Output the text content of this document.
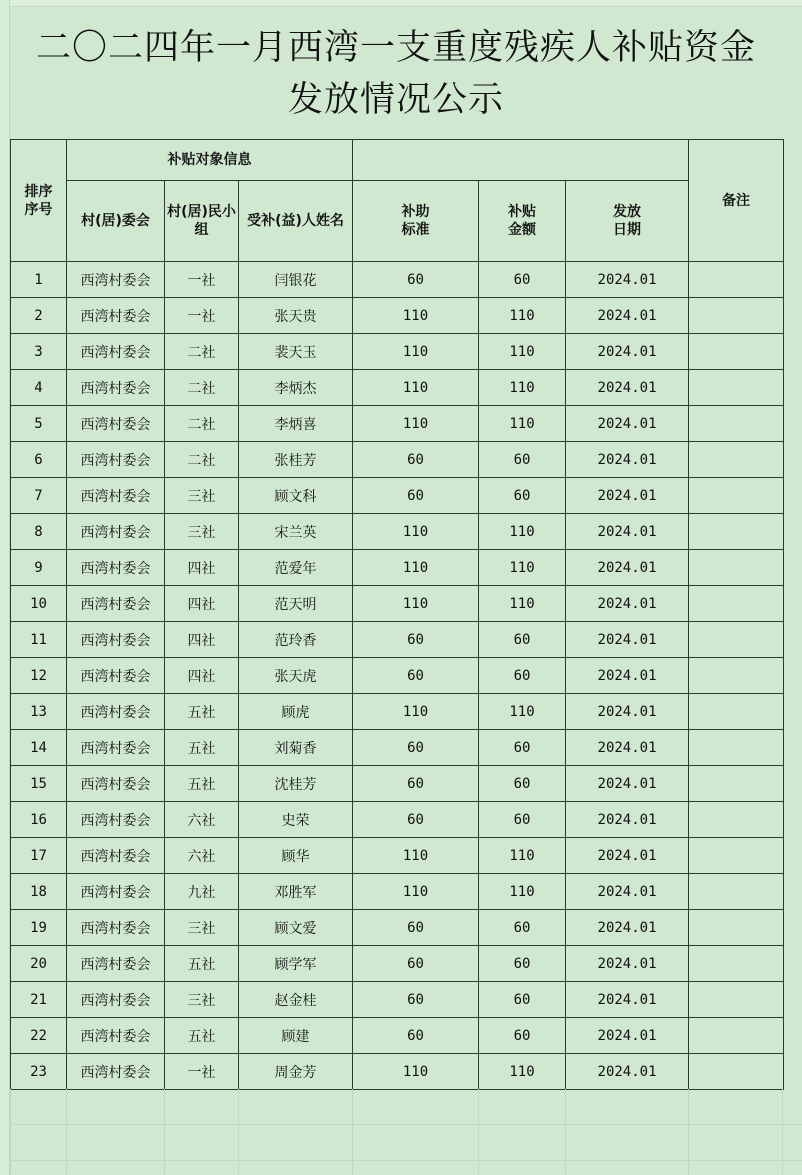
二〇二四年一月西湾一支重度残疾人补贴资金
发放情况公示
排序序号	补贴对象信息						备注
	村(居)委会	村(居)民小组	受补(益)人姓名	补助标准	补贴金额	发放日期	

1	西湾村委会	一社	闫银花	60	60	2024.01	
2	西湾村委会	一社	张天贵	110	110	2024.01	
3	西湾村委会	二社	裴天玉	110	110	2024.01	
4	西湾村委会	二社	李炳杰	110	110	2024.01	
5	西湾村委会	二社	李炳喜	110	110	2024.01	
6	西湾村委会	二社	张桂芳	60	60	2024.01	
7	西湾村委会	三社	顾文科	60	60	2024.01	
8	西湾村委会	三社	宋兰英	110	110	2024.01	
9	西湾村委会	四社	范爱年	110	110	2024.01	
10	西湾村委会	四社	范天明	110	110	2024.01	
11	西湾村委会	四社	范玲香	60	60	2024.01	
12	西湾村委会	四社	张天虎	60	60	2024.01	
13	西湾村委会	五社	顾虎	110	110	2024.01	
14	西湾村委会	五社	刘菊香	60	60	2024.01	
15	西湾村委会	五社	沈桂芳	60	60	2024.01	
16	西湾村委会	六社	史荣	60	60	2024.01	
17	西湾村委会	六社	顾华	110	110	2024.01	
18	西湾村委会	九社	邓胜军	110	110	2024.01	
19	西湾村委会	三社	顾文爱	60	60	2024.01	
20	西湾村委会	五社	顾学军	60	60	2024.01	
21	西湾村委会	三社	赵金桂	60	60	2024.01	
22	西湾村委会	五社	顾建	60	60	2024.01	
23	西湾村委会	一社	周金芳	110	110	2024.01	
